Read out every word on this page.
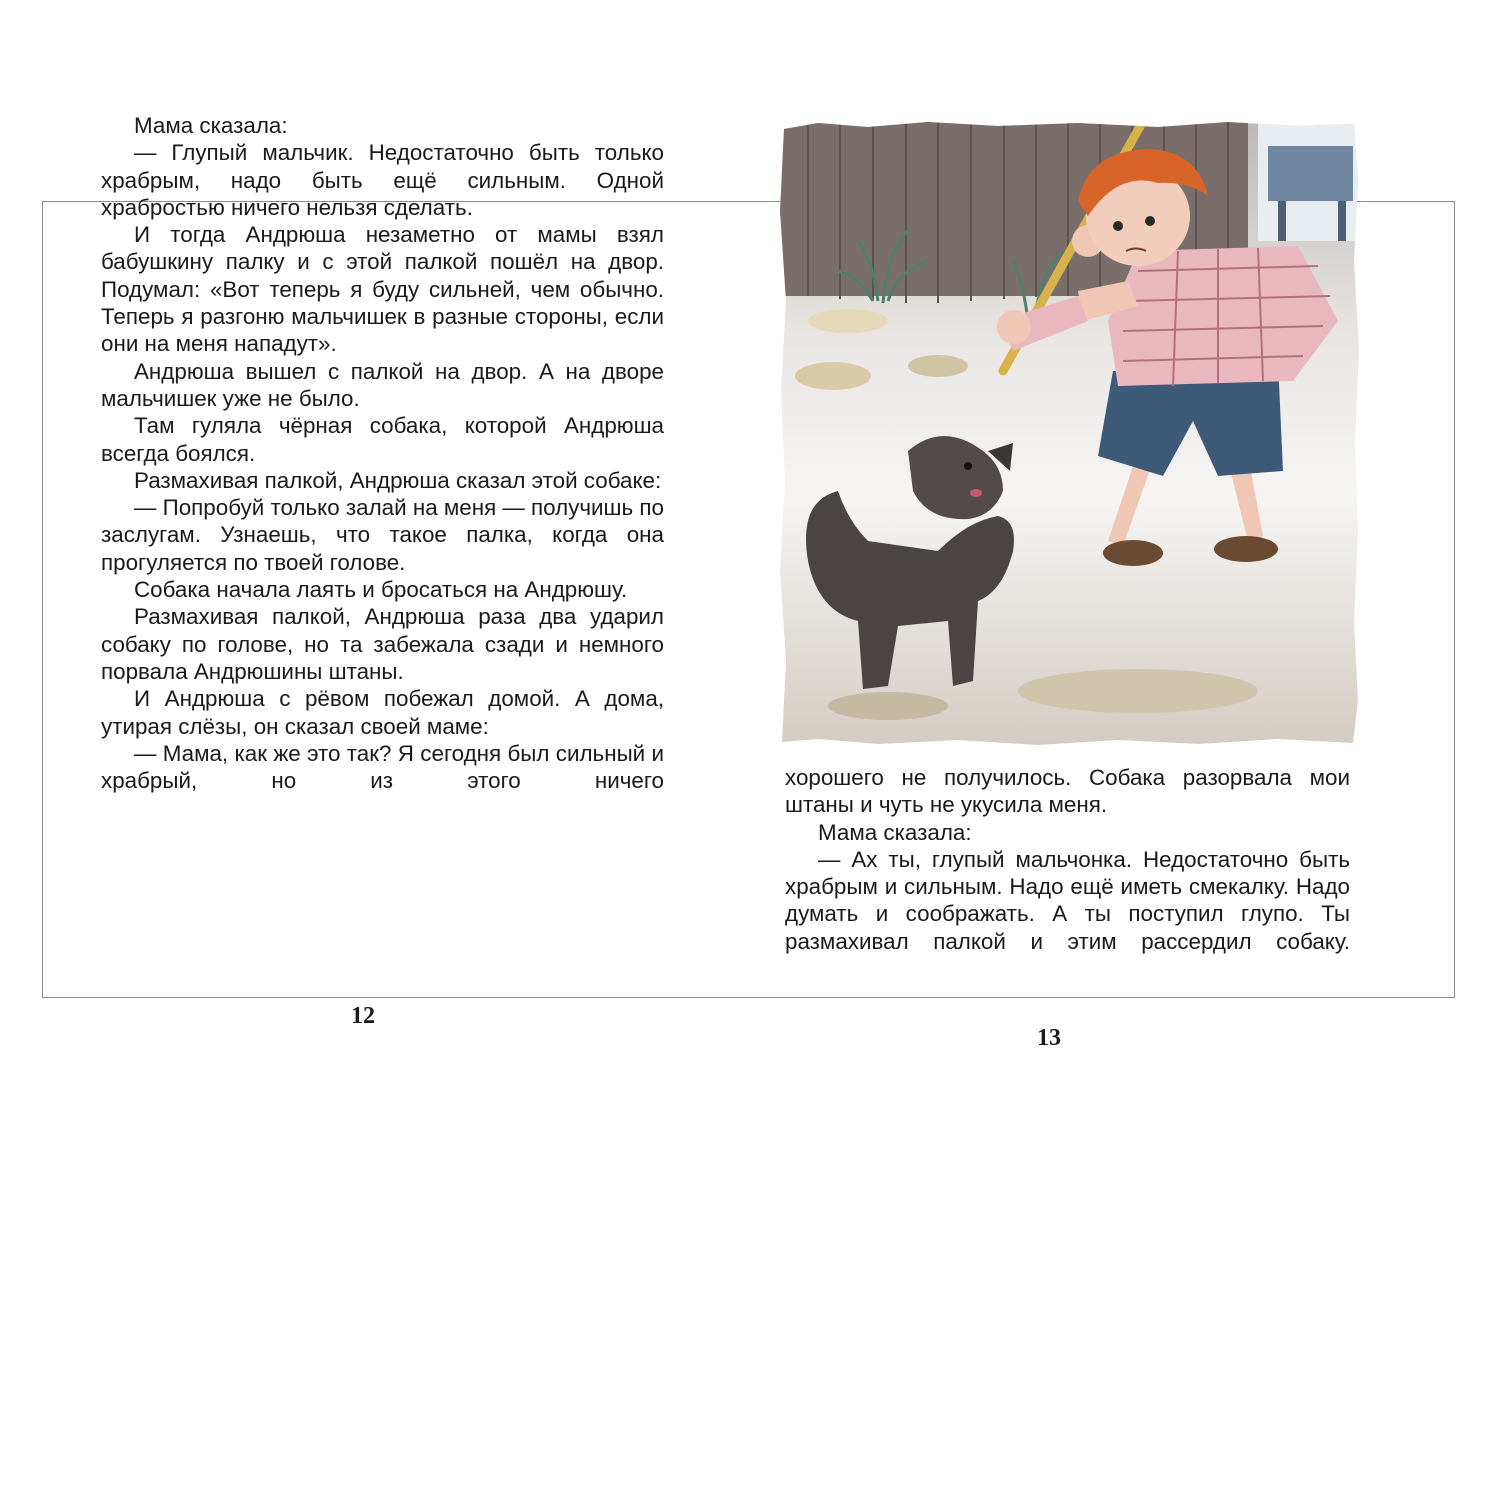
Мама сказала:

— Глупый мальчик. Недостаточно быть только храбрым, надо быть ещё сильным. Одной храбростью ничего нельзя сделать.

И тогда Андрюша незаметно от мамы взял бабушкину палку и с этой палкой пошёл на двор. Подумал: «Вот теперь я буду сильней, чем обычно. Теперь я разгоню мальчишек в разные стороны, если они на меня нападут».

Андрюша вышел с палкой на двор. А на дворе мальчишек уже не было.

Там гуляла чёрная собака, которой Андрюша всегда боялся.

Размахивая палкой, Андрюша сказал этой собаке:

— Попробуй только залай на меня — получишь по заслугам. Узнаешь, что такое палка, когда она прогуляется по твоей голове.

Собака начала лаять и бросаться на Андрюшу.

Размахивая палкой, Андрюша раза два ударил собаку по голове, но та забежала сзади и немного порвала Андрюшины штаны.

И Андрюша с рёвом побежал домой. А дома, утирая слёзы, он сказал своей маме:

— Мама, как же это так? Я сегодня был сильный и храбрый, но из этого ничего

12

хорошего не получилось. Собака разорвала мои штаны и чуть не укусила меня.

Мама сказала:

— Ах ты, глупый мальчонка. Недостаточно быть храбрым и сильным. Надо ещё иметь смекалку. Надо думать и соображать. А ты поступил глупо. Ты размахивал палкой и этим рассердил собаку.

13
